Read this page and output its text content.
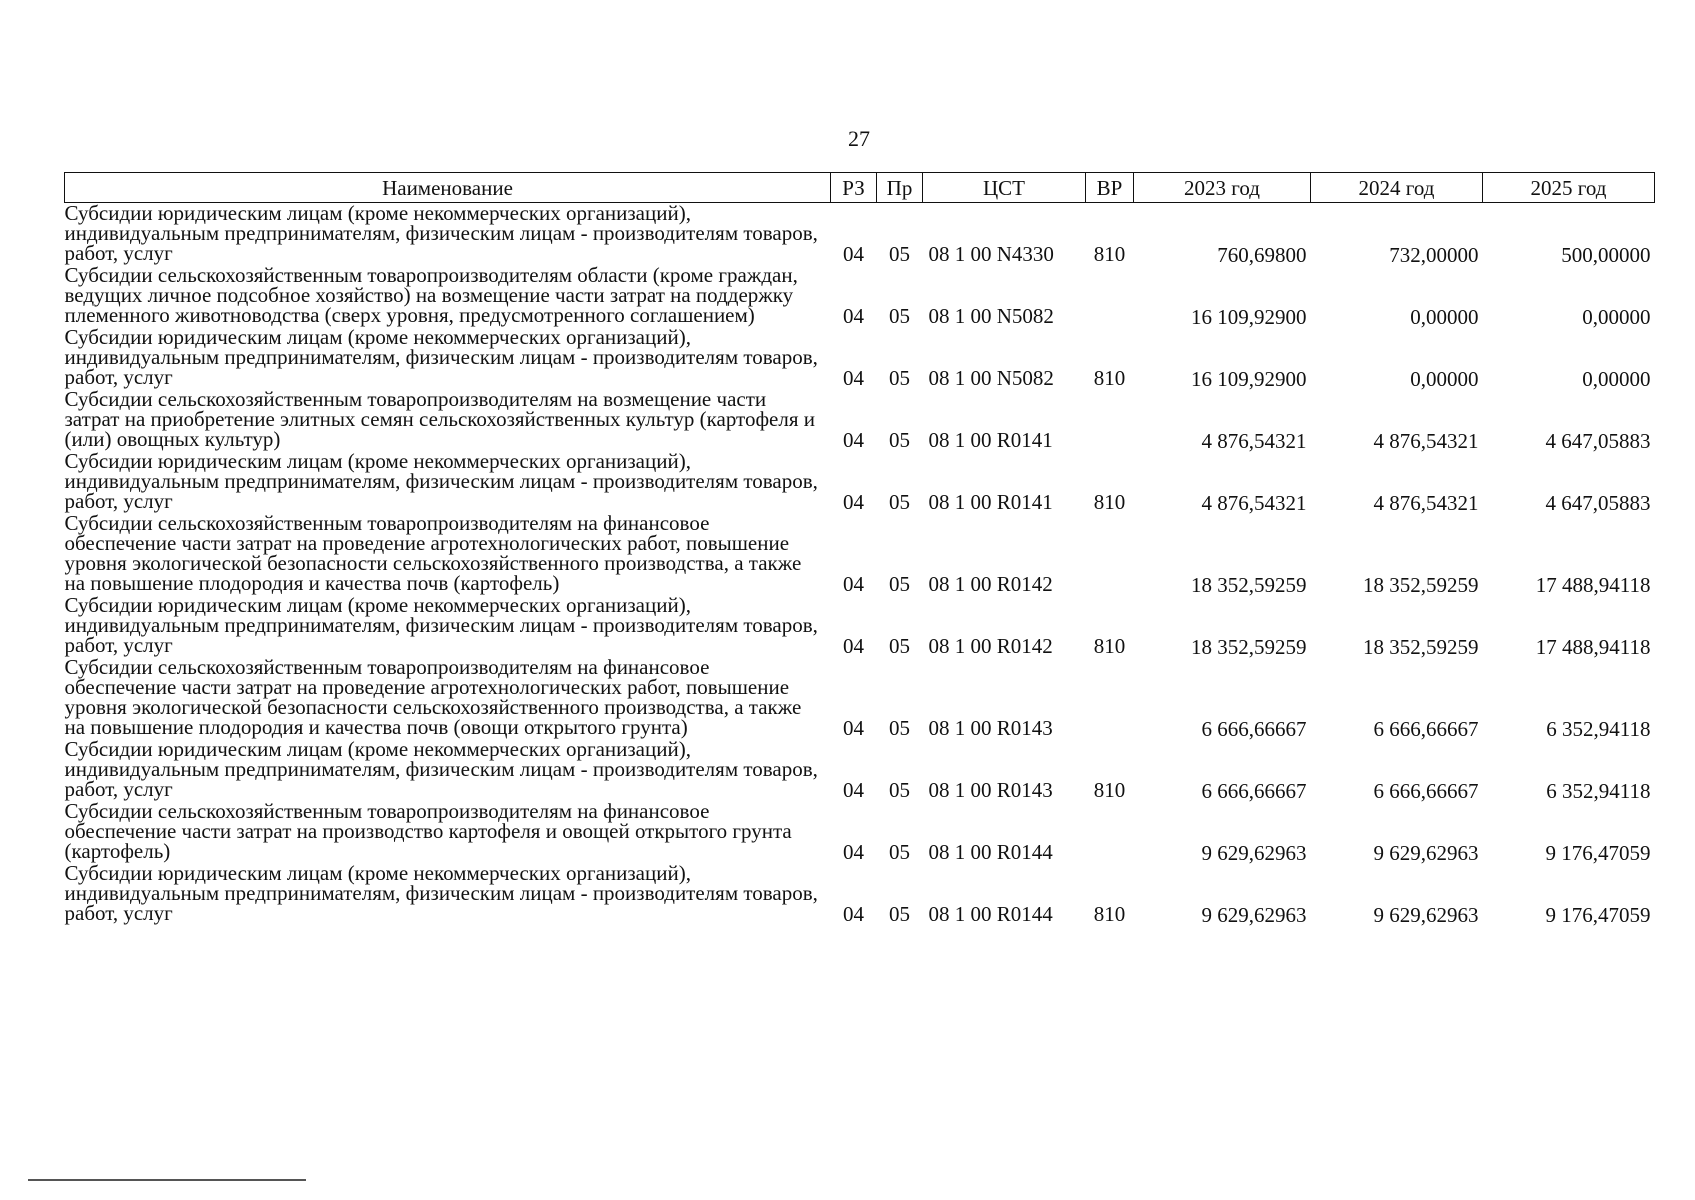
27
Наименование	РЗ	Пр	ЦСТ	ВР	2023 год	2024 год	2025 год
Субсидии юридическим лицам (кроме некоммерческих организаций), индивидуальным предпринимателям, физическим лицам - производителям товаров, работ, услуг	04	05	08 1 00 N4330	810	760,69800	732,00000	500,00000
Субсидии сельскохозяйственным товаропроизводителям области (кроме граждан, ведущих личное подсобное хозяйство) на возмещение части затрат на поддержку племенного животноводства (сверх уровня, предусмотренного соглашением)	04	05	08 1 00 N5082		16 109,92900	0,00000	0,00000
Субсидии юридическим лицам (кроме некоммерческих организаций), индивидуальным предпринимателям, физическим лицам - производителям товаров, работ, услуг	04	05	08 1 00 N5082	810	16 109,92900	0,00000	0,00000
Субсидии сельскохозяйственным товаропроизводителям на возмещение части затрат на приобретение элитных семян сельскохозяйственных культур (картофеля и (или) овощных культур)	04	05	08 1 00 R0141		4 876,54321	4 876,54321	4 647,05883
Субсидии юридическим лицам (кроме некоммерческих организаций), индивидуальным предпринимателям, физическим лицам - производителям товаров, работ, услуг	04	05	08 1 00 R0141	810	4 876,54321	4 876,54321	4 647,05883
Субсидии сельскохозяйственным товаропроизводителям на финансовое обеспечение части затрат на проведение агротехнологических работ, повышение уровня экологической безопасности сельскохозяйственного производства, а также на повышение плодородия и качества почв (картофель)	04	05	08 1 00 R0142		18 352,59259	18 352,59259	17 488,94118
Субсидии юридическим лицам (кроме некоммерческих организаций), индивидуальным предпринимателям, физическим лицам - производителям товаров, работ, услуг	04	05	08 1 00 R0142	810	18 352,59259	18 352,59259	17 488,94118
Субсидии сельскохозяйственным товаропроизводителям на финансовое обеспечение части затрат на проведение агротехнологических работ, повышение уровня экологической безопасности сельскохозяйственного производства, а также на повышение плодородия и качества почв (овощи открытого грунта)	04	05	08 1 00 R0143		6 666,66667	6 666,66667	6 352,94118
Субсидии юридическим лицам (кроме некоммерческих организаций), индивидуальным предпринимателям, физическим лицам - производителям товаров, работ, услуг	04	05	08 1 00 R0143	810	6 666,66667	6 666,66667	6 352,94118
Субсидии сельскохозяйственным товаропроизводителям на финансовое обеспечение части затрат на производство картофеля и овощей открытого грунта (картофель)	04	05	08 1 00 R0144		9 629,62963	9 629,62963	9 176,47059
Субсидии юридическим лицам (кроме некоммерческих организаций), индивидуальным предпринимателям, физическим лицам - производителям товаров, работ, услуг	04	05	08 1 00 R0144	810	9 629,62963	9 629,62963	9 176,47059
